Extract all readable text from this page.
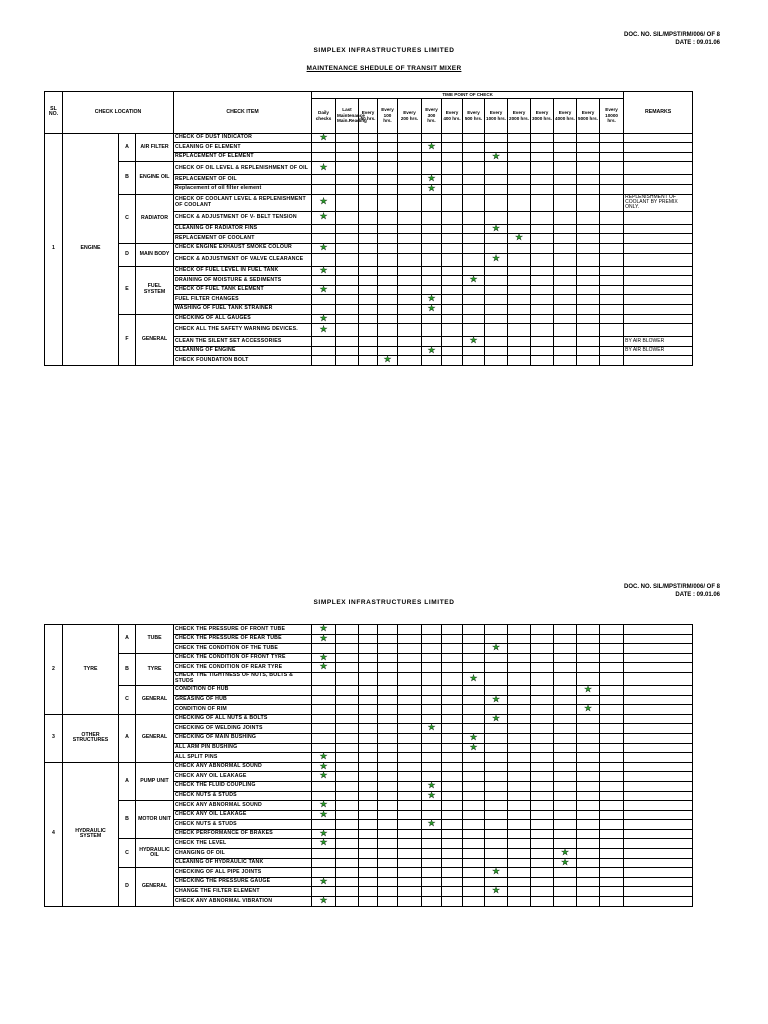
DOC. NO. SIL/MPST/RM/006/ OF 8
DATE : 09.01.06
SIMPLEX INFRASTRUCTURES LIMITED
MAINTENANCE SHEDULE OF TRANSIT MIXER
SL NO.	CHECK LOCATION			CHECK ITEM	TIME POINT OF CHECK														REMARKS
					Daily checks	Last Maintenance Main.Reading	Every 50 hrs.	Every 100 hrs.	Every 200 hrs.	Every 300 hrs.	Every 400 hrs.	Every 500 hrs.	Every 1000 hrs.	Every 2000 hrs.	Every 3000 hrs.	Every 4000 hrs.	Every 5000 hrs.	Every 10000 hrs.	
1	ENGINE	A	AIR FILTER	CHECK OF DUST INDICATOR	★														
				CLEANING OF ELEMENT						★									
				REPLACEMENT OF ELEMENT									★						
		B	ENGINE OIL	CHECK OF OIL LEVEL & REPLENISHMENT OF OIL	★														
				REPLACEMENT OF OIL						★									
				Replacement of oil filter element						★									
		C	RADIATOR	CHECK OF COOLANT LEVEL & REPLENISHMENT OF COOLANT	★														REPLENISHMENT OF COOLANT BY PREMIX ONLY.
				CHECK & ADJUSTMENT OF V- BELT TENSION	★														
				CLEANING OF RADIATOR FINS									★						
				REPLACEMENT OF COOLANT										★					
		D	MAIN BODY	CHECK ENGINE EXHAUST SMOKE COLOUR	★														
				CHECK & ADJUSTMENT OF VALVE CLEARANCE									★						
		E	FUEL SYSTEM	CHECK OF FUEL LEVEL IN FUEL TANK	★														
				DRAINING OF MOISTURE & SEDIMENTS								★							
				CHECK OF FUEL TANK ELEMENT	★														
				FUEL FILTER CHANGES						★									
				WASHING OF FUEL TANK STRAINER						★									
		F	GENERAL	CHECKING OF ALL GAUGES	★														
				CHECK ALL THE SAFETY WARNING DEVICES.	★														
				CLEAN THE SILENT SET ACCESSORIES								★							BY AIR BLOWER
				CLEANING OF ENGINE						★									BY AIR BLOWER
				CHECK FOUNDATION BOLT				★											
DOC. NO. SIL/MPST/RM/006/ OF 8
DATE : 09.01.06
SIMPLEX INFRASTRUCTURES LIMITED
2	TYRE	A	TUBE	CHECK THE PRESSURE OF FRONT TUBE	★														
				CHECK THE PRESSURE OF REAR TUBE	★														
				CHECK THE CONDITION OF THE TUBE									★						
		B	TYRE	CHECK THE CONDITION OF FRONT TYRE	★														
				CHECK THE CONDITION OF REAR TYRE	★														
				CHECK THE TIGHTNESS OF NUTS, BOLTS & STUDS								★							
		C	GENERAL	CONDITION OF HUB													★		
				GREASING OF HUB									★						
				CONDITION OF RIM													★		
3	OTHER STRUCTURES	A	GENERAL	CHECKING OF ALL NUTS & BOLTS									★						
				CHECKING OF WELDING JOINTS						★									
				CHECKING OF MAIN BUSHING								★							
				ALL ARM PIN BUSHING								★							
				ALL SPLIT PINS	★														
4	HYDRAULIC SYSTEM	A	PUMP UNIT	CHECK ANY ABNORMAL SOUND	★														
				CHECK ANY OIL LEAKAGE	★														
				CHECK THE FLUID COUPLING						★									
				CHECK NUTS & STUDS						★									
		B	MOTOR UNIT	CHECK ANY ABNORMAL SOUND	★														
				CHECK ANY OIL LEAKAGE	★														
				CHECK NUTS & STUDS						★									
				CHECK PERFORMANCE OF BRAKES	★														
		C	HYDRAULIC OIL	CHECK THE LEVEL	★														
				CHANGING OF OIL												★			
				CLEANING OF HYDRAULIC TANK												★			
		D	GENERAL	CHECKING OF ALL PIPE JOINTS									★						
				CHECKING THE PRESSURE GAUGE	★														
				CHANGE THE FILTER ELEMENT									★						
				CHECK ANY ABNORMAL VIBRATION	★														
